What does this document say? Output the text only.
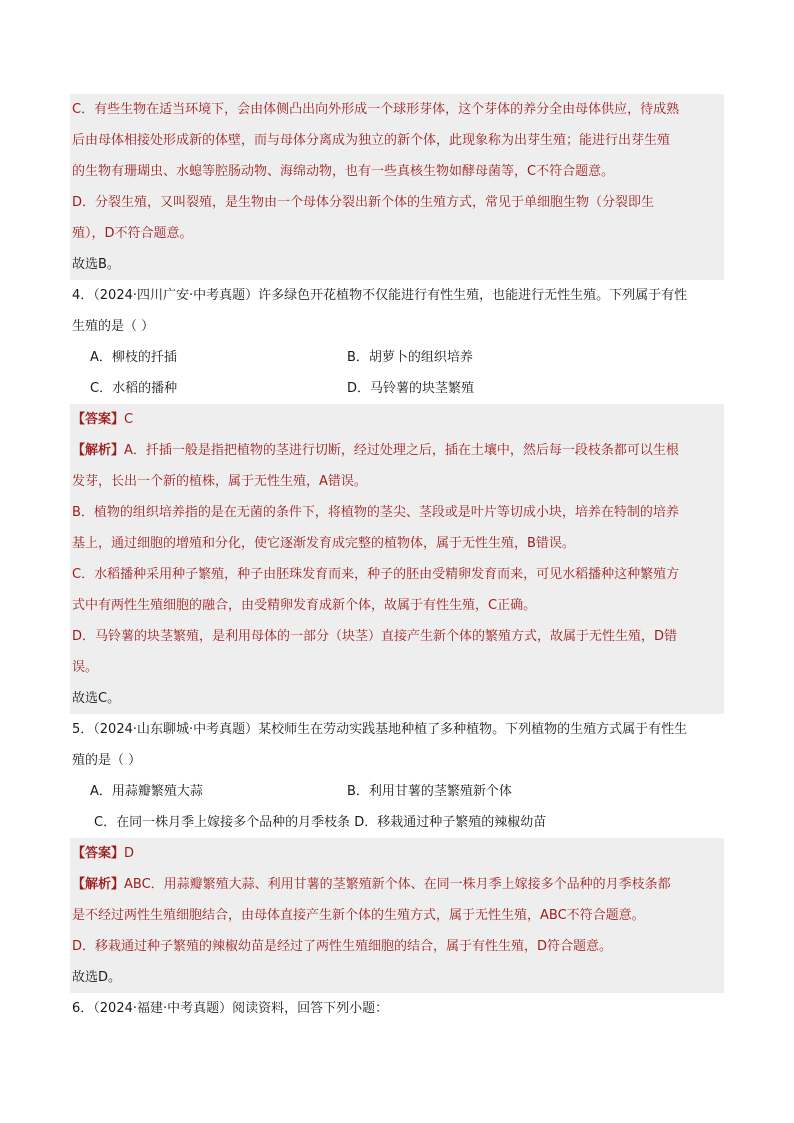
C．有些生物在适当环境下，会由体侧凸出向外形成一个球形芽体，这个芽体的养分全由母体供应，待成熟
后由母体相接处形成新的体壁，而与母体分离成为独立的新个体，此现象称为出芽生殖；能进行出芽生殖
的生物有珊瑚虫、水螅等腔肠动物、海绵动物，也有一些真核生物如酵母菌等，C不符合题意。
D．分裂生殖，又叫裂殖，是生物由一个母体分裂出新个体的生殖方式，常见于单细胞生物（分裂即生
殖），D不符合题意。
故选B。
4．（2024·四川广安·中考真题）许多绿色开花植物不仅能进行有性生殖，也能进行无性生殖。下列属于有性
生殖的是（ ）
A．柳枝的扦插	B．胡萝卜的组织培养
C．水稻的播种	D．马铃薯的块茎繁殖
【答案】C
【解析】A．扦插一般是指把植物的茎进行切断，经过处理之后，插在土壤中，然后每一段枝条都可以生根
发芽，长出一个新的植株，属于无性生殖，A错误。
B．植物的组织培养指的是在无菌的条件下，将植物的茎尖、茎段或是叶片等切成小块，培养在特制的培养
基上，通过细胞的增殖和分化，使它逐渐发育成完整的植物体，属于无性生殖，B错误。
C．水稻播种采用种子繁殖，种子由胚珠发育而来，种子的胚由受精卵发育而来，可见水稻播种这种繁殖方
式中有两性生殖细胞的融合，由受精卵发育成新个体，故属于有性生殖，C正确。
D．马铃薯的块茎繁殖，是利用母体的一部分（块茎）直接产生新个体的繁殖方式，故属于无性生殖，D错
误。
故选C。
5．（2024·山东聊城·中考真题）某校师生在劳动实践基地种植了多种植物。下列植物的生殖方式属于有性生
殖的是（ ）
A．用蒜瓣繁殖大蒜	B．利用甘薯的茎繁殖新个体
C．在同一株月季上嫁接多个品种的月季枝条 D．移栽通过种子繁殖的辣椒幼苗
【答案】D
【解析】ABC．用蒜瓣繁殖大蒜、利用甘薯的茎繁殖新个体、在同一株月季上嫁接多个品种的月季枝条都
是不经过两性生殖细胞结合，由母体直接产生新个体的生殖方式，属于无性生殖，ABC不符合题意。
D．移栽通过种子繁殖的辣椒幼苗是经过了两性生殖细胞的结合，属于有性生殖，D符合题意。
故选D。
6．（2024·福建·中考真题）阅读资料，回答下列小题：
